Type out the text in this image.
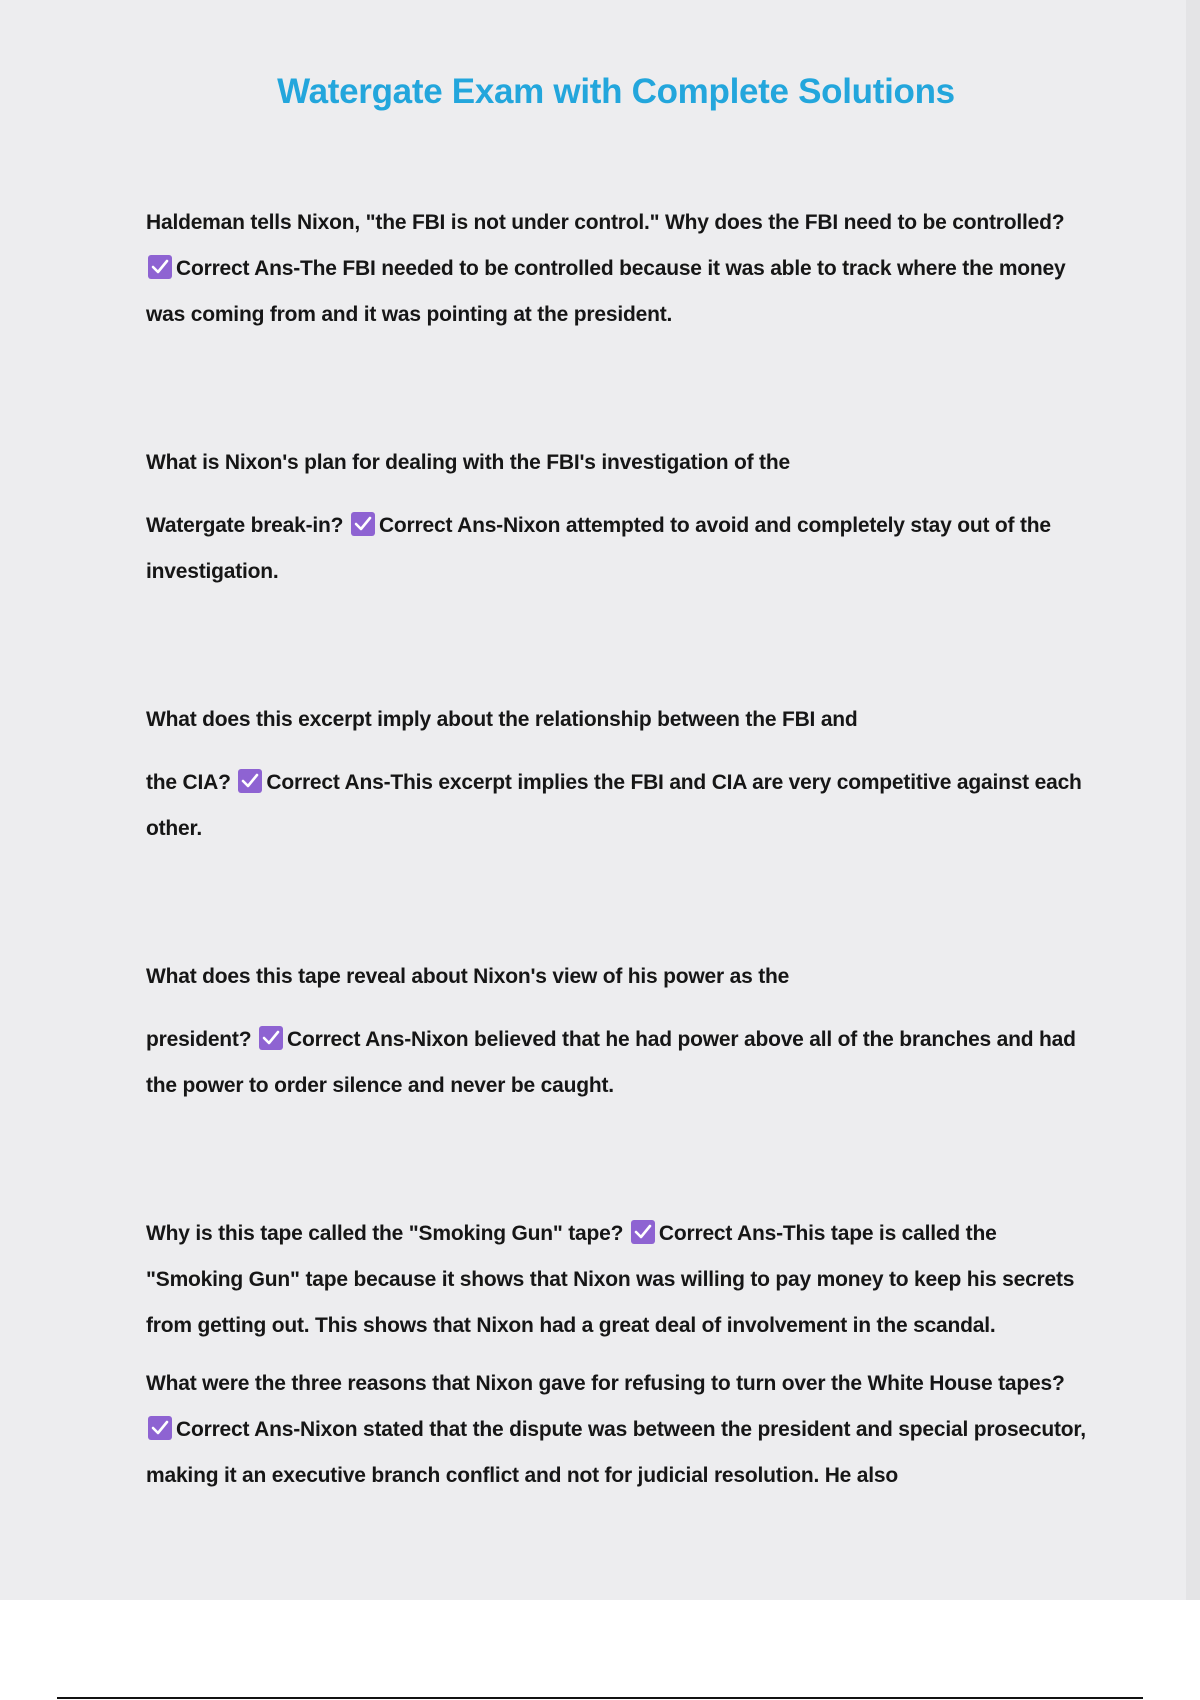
Watergate Exam with Complete Solutions
Haldeman tells Nixon, "the FBI is not under control." Why does the FBI need to be controlled?
Correct Ans-The FBI needed to be controlled because it was able to track where the money was coming from and it was pointing at the president.
What is Nixon's plan for dealing with the FBI's investigation of the
Watergate break-in? Correct Ans-Nixon attempted to avoid and completely stay out of the investigation.
What does this excerpt imply about the relationship between the FBI and
the CIA? Correct Ans-This excerpt implies the FBI and CIA are very competitive against each other.
What does this tape reveal about Nixon's view of his power as the
president? Correct Ans-Nixon believed that he had power above all of the branches and had the power to order silence and never be caught.
Why is this tape called the "Smoking Gun" tape? Correct Ans-This tape is called the "Smoking Gun" tape because it shows that Nixon was willing to pay money to keep his secrets from getting out. This shows that Nixon had a great deal of involvement in the scandal.
What were the three reasons that Nixon gave for refusing to turn over the White House tapes?
Correct Ans-Nixon stated that the dispute was between the president and special prosecutor, making it an executive branch conflict and not for judicial resolution. He also
